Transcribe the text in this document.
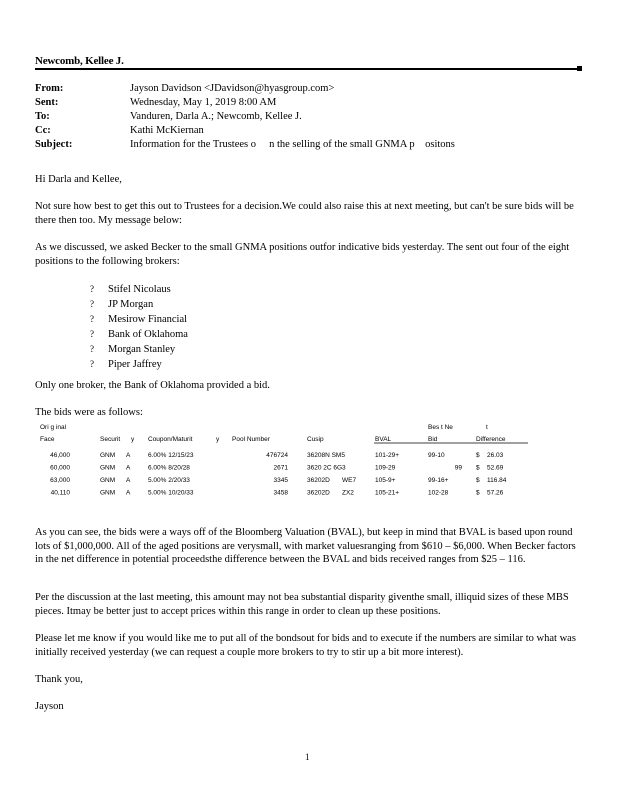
Newcomb, Kellee J.
From:	Jayson Davidson <JDavidson@hyasgroup.com>
Sent:	Wednesday, May 1, 2019 8:00 AM
To:	Vanduren, Darla A.; Newcomb, Kellee J.
Cc:	Kathi McKiernan
Subject:	Information for the Trustees o     n the selling of the small GNMA p    ositons
Hi Darla and Kellee,
Not sure how best to get this out to Trustees for a decision.We could also raise this at next meeting, but can't be sure bids will be there then too. My message below:
As we discussed, we asked Becker to the small GNMA positions outfor indicative bids yesterday. The sent out four of the eight positions to the following brokers:
? Stifel Nicolaus
? JP Morgan
? Mesirow Financial
? Bank of Oklahoma
? Morgan Stanley
? Piper Jaffrey
Only one broker, the Bank of Oklahoma provided a bid.
The bids were as follows:
Ori g inal	Bes t Ne	t
Face	Securit y Coupon/Maturit	y Pool Number	Cusip	BVAL	Bid	Difference
46,000	GNM A	6.00% 12/15/23	476724	36208N SM5	101-29+	99-10	$ 26.03
60,000	GNM A	6.00% 8/20/28	2671	3620 2C 6G3	109-29	99 $ 52.69
63,000	GNM A	5.00% 2/20/33	3345	36202D WE7	105-9+	99-16+	$ 116.84
40,110	GNM A	5.00% 10/20/33	3458	36202D ZX2	105-21+	102-28	$ 57.26
As you can see, the bids were a ways off of the Bloomberg Valuation (BVAL), but keep in mind that BVAL is based upon round lots of $1,000,000. All of the aged positions are verysmall, with market valuesranging from $610 – $6,000. When Becker factors in the net difference in potential proceedsthe difference between the BVAL and bids received ranges from $25 – 116.
Per the discussion at the last meeting, this amount may not bea substantial disparity giventhe small, illiquid sizes of these MBS pieces. Itmay be better just to accept prices within this range in order to clean up these positions.
Please let me know if you would like me to put all of the bondsout for bids and to execute if the numbers are similar to what was initially received yesterday (we can request a couple more brokers to try to stir up a bit more interest).
Thank you,
Jayson
1
